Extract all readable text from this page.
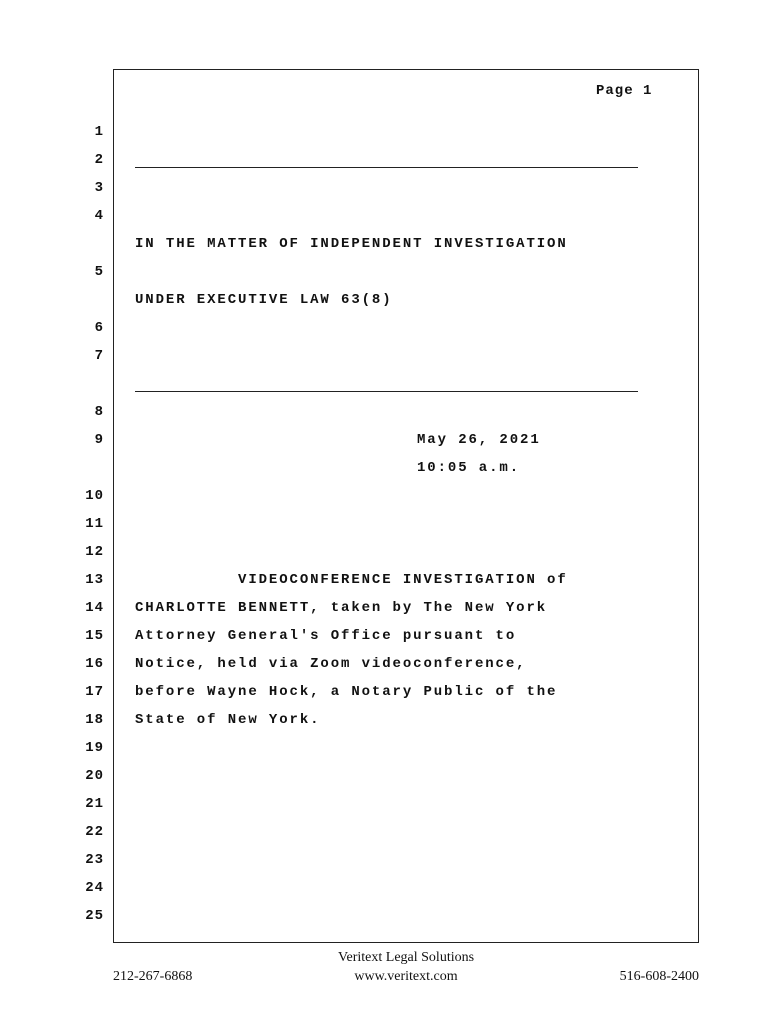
Page 1
1
2
3
4
5
6
7
8
9
10
11
12
13
14
15
16
17
18
19
20
21
22
23
24
25
IN THE MATTER OF INDEPENDENT INVESTIGATION
UNDER EXECUTIVE LAW 63(8)
May 26, 2021
10:05 a.m.
VIDEOCONFERENCE INVESTIGATION of
CHARLOTTE BENNETT, taken by The New York
Attorney General's Office pursuant to
Notice, held via Zoom videoconference,
before Wayne Hock, a Notary Public of the
State of New York.
Veritext Legal Solutions
212-267-6868	www.veritext.com	516-608-2400
